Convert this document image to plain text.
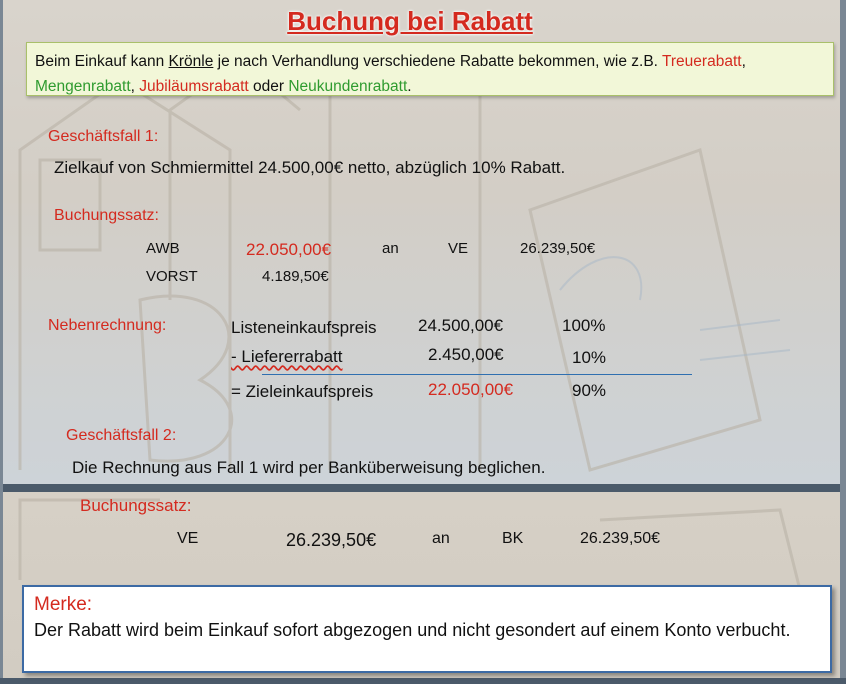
Buchung bei Rabatt
Beim Einkauf kann Krönle je nach Verhandlung verschiedene Rabatte bekommen, wie z.B. Treuerabatt, Mengenrabatt, Jubiläumsrabatt oder Neukundenrabatt.
Geschäftsfall 1:
Zielkauf von Schmiermittel 24.500,00€ netto, abzüglich 10% Rabatt.
Buchungssatz:
AWB	22.050,00€	an	VE	26.239,50€
VORST	4.189,50€
Nebenrechnung:	Listeneinkaufspreis 24.500,00€	100%
- Liefererrabatt	2.450,00€	10%
= Zieleinkaufspreis	22.050,00€	90%
Geschäftsfall 2:
Die Rechnung aus Fall 1 wird per Banküberweisung beglichen.
Buchungssatz:
VE	26.239,50€	an	BK	26.239,50€
Merke:
Der Rabatt wird beim Einkauf sofort abgezogen und nicht gesondert auf einem Konto verbucht.
